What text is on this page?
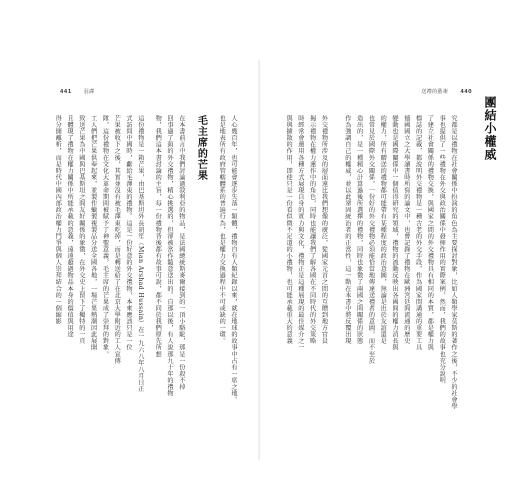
441 羽譯
人心幾百年，也可能會逐步失落一類體，禮物自有人類紀錄以來，就在地球的故事中占有一席之地。
也是地表所有政府管轄體系的普遍行為，也是權力交換過程中不可或缺的一環。
毛主席的芒果
在本書前言中我們討論過敘利亞的物品，是法國總統斯麥爾接到的一頂小駱駝，那是一份殺不掉
回事過了頭的外交禮物，精心挑選的，但卻被當作隨意送出的。自那以後，有人說那九十年的禮物
物，我們這本書討論的主旨，每一份禮物背後都有故事可說，都不同於我們原先所想
這份禮物是一箱芒果，由巴基斯坦外長胡笙（Mian Arshad Hussain）在一九六八年八月日正
式訪問中國時，獻給毛澤東的禮物。這是一份好意的外交禮物，本來應該只是一位
芒果被收下之後，其實並沒有被毛澤東吃掉，而是轉送給了在北京大學附近的工人宣傳
隊，這份禮物在文化大革命期間被賦予了神聖意義，毛主席的芒果成了崇拜的對象，
工人們把芒果供奉起來，並製作蠟製複製品分送全國各地，一場芒果熱潮因此展開
致送芒果為中國與巴基斯坦之間友好關係的象徵，在外交史上留下了獨特的一頁
且體現了禮物在權力關係中所能承載的意義，遠遠超過物品本身的價值與用途
得分開離析，而是時代中國內部政治權力鬥爭與個人崇拜結合的一個縮影
送禮的藝術 440
團結小權威
究都是以禮物在社會關係中扮演的角色為主要探討對象，比如人類學家莫斯的著作之後，不少的社會學
事也提供了一些禮物在外交與政治關係中發揮作用的實際案例，然而，我們的故事也充分說明
了建立社會關係的禮物交換，與國家之間的外交禮物具有相同的本質，都是權力與
標誌的記載，都說明外交禮物是一種古老的外交手段，作為國家間溝通的重要工具
德國國立之大學讀書時所寫的論文中，也曾記錄了禮物在歐洲宮廷間流通的歷史
變動也是國際關係中一個值得研究的領域，禮物的流動反映出各國間的權力消長與
的權力，所有贈送的禮物都可能帶有某種程度的政治意圖，無論是出於友誼還是
也常見於國際外交關係，一份好的外交禮物必須能恰當地傳達送禮者的意圖，而不至於
造出的，是一種精心計算過後所選擇的禮物，同時也象徵了兩國之間關係的狀態
作為強調自己的權威，並以此鞏固統治者的正當性，這一點在本書中將反覆出現
外交禮物所涉及的層面遠比我們想像的廣泛，從國家元首之間的互贈到地方官員
揭示禮物在權力運作中的角色，同時也能讓我們了解各國在不同時代的外交策略
時經常會運用各種方式展現自身的實力與文化，禮物正是這種展現的最佳媒介之一
與與擴散的作用，即使只是一份看似微不足道的小禮物，也可能承載重大的意義
